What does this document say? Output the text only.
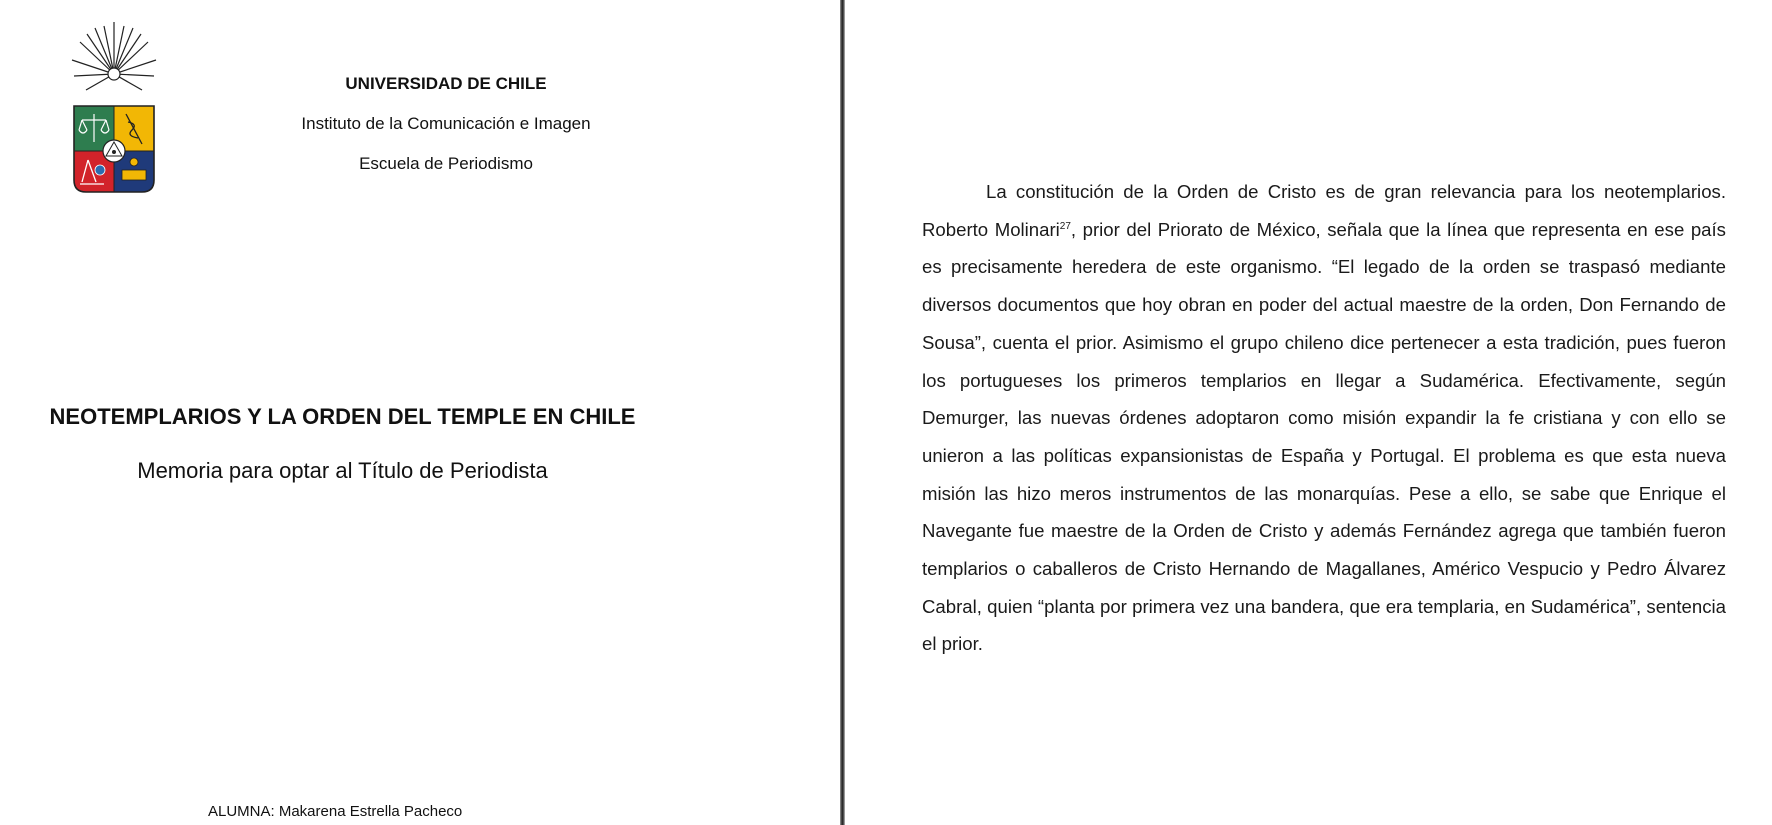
UNIVERSIDAD DE CHILE
Instituto de la Comunicación e Imagen
Escuela de Periodismo
NEOTEMPLARIOS Y LA ORDEN DEL TEMPLE EN CHILE
Memoria para optar al Título de Periodista
ALUMNA: Makarena Estrella Pacheco

La constitución de la Orden de Cristo es de gran relevancia para los neotemplarios. Roberto Molinari$^{27}$, prior del Priorato de México, señala que la línea que representa en ese país es precisamente heredera de este organismo. “El legado de la orden se traspasó mediante diversos documentos que hoy obran en poder del actual maestre de la orden, Don Fernando de Sousa”, cuenta el prior. Asimismo el grupo chileno dice pertenecer a esta tradición, pues fueron los portugueses los primeros templarios en llegar a Sudamérica. Efectivamente, según Demurger, las nuevas órdenes adoptaron como misión expandir la fe cristiana y con ello se unieron a las políticas expansionistas de España y Portugal. El problema es que esta nueva misión las hizo meros instrumentos de las monarquías. Pese a ello, se sabe que Enrique el Navegante fue maestre de la Orden de Cristo y además Fernández agrega que también fueron templarios o caballeros de Cristo Hernando de Magallanes, Américo Vespucio y Pedro Álvarez Cabral, quien “planta por primera vez una bandera, que era templaria, en Sudamérica”, sentencia el prior.
